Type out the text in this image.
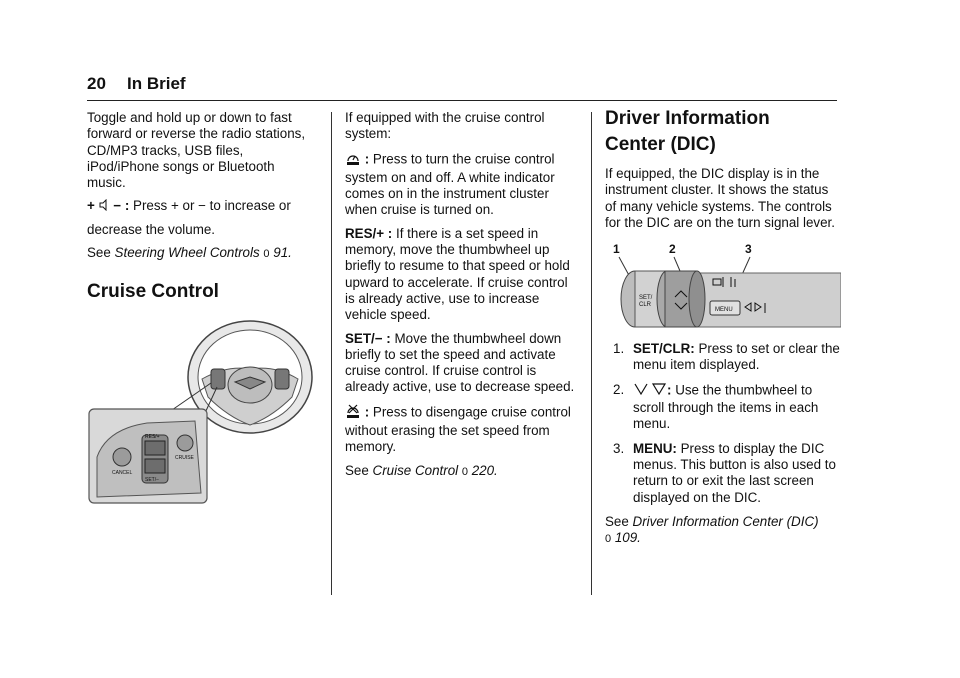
20 In Brief

Toggle and hold up or down to fast forward or reverse the radio stations, CD/MP3 tracks, USB files, iPod/iPhone songs or Bluetooth music.

+ − : Press + or − to increase or

decrease the volume.

See Steering Wheel Controls 0 91.

Cruise Control
RES/+
SET/−
CANCEL
CRUISE

If equipped with the cruise control system:

: Press to turn the cruise control system on and off. A white indicator comes on in the instrument cluster when cruise is turned on.

RES/+ : If there is a set speed in memory, move the thumbwheel up briefly to resume to that speed or hold upward to accelerate. If cruise control is already active, use to increase vehicle speed.

SET/− : Move the thumbwheel down briefly to set the speed and activate cruise control. If cruise control is already active, use to decrease speed.

: Press to disengage cruise control without erasing the set speed from memory.

See Cruise Control 0 220.

Driver Information
Center (DIC)

If equipped, the DIC display is in the instrument cluster. It shows the status of many vehicle systems. The controls for the DIC are on the turn signal lever.

1	2	3
SET/
CLR
MENU
1. SET/CLR: Press to set or clear the menu item displayed.
2.	: Use the thumbwheel to scroll through the items in each menu.
3. MENU: Press to display the DIC menus. This button is also used to return to or exit the last screen displayed on the DIC.

See Driver Information Center (DIC)
0 109.
